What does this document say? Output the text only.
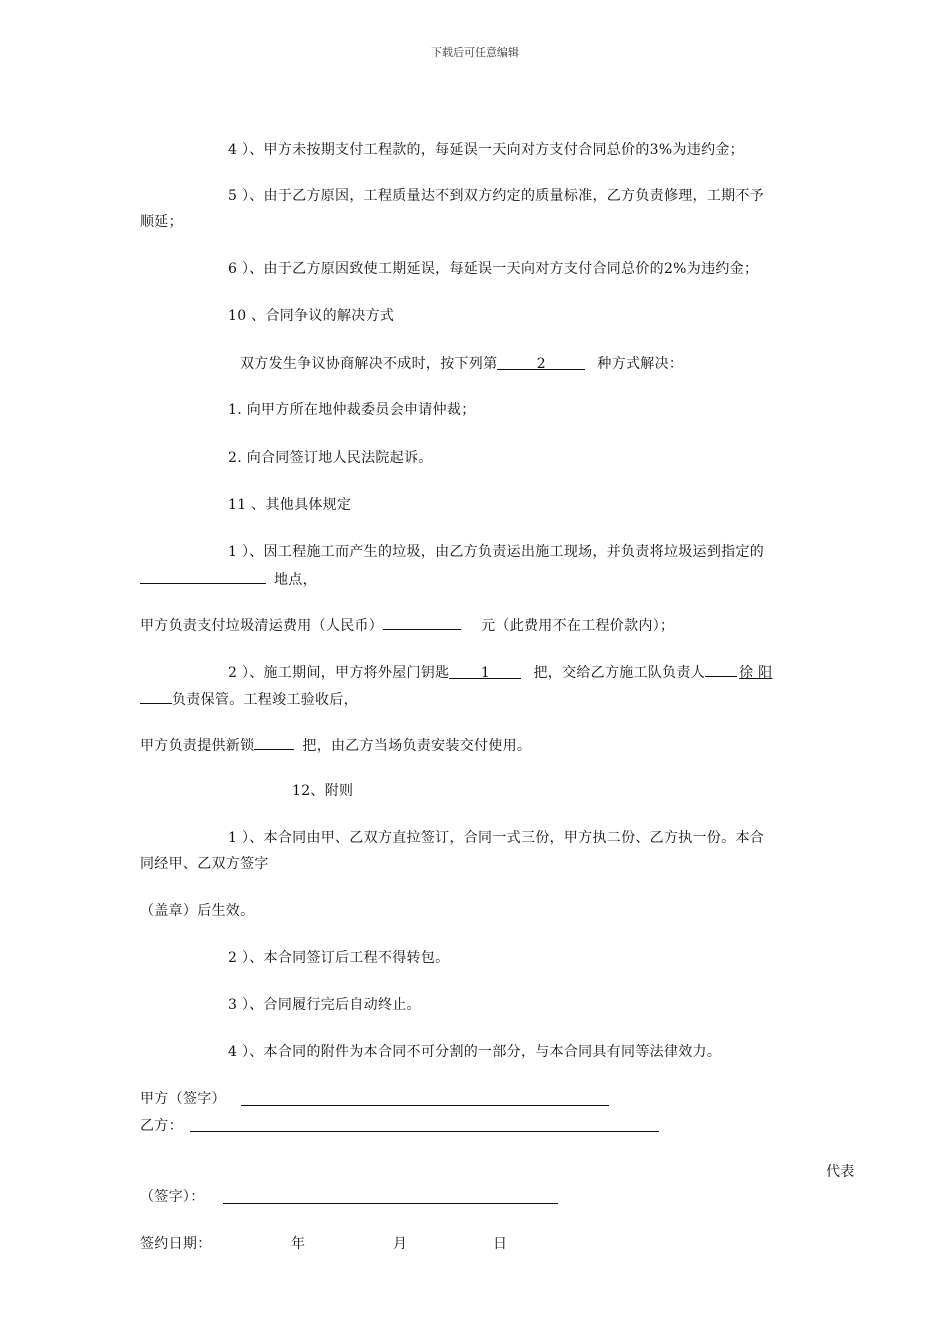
下载后可任意编辑
4 ）、甲方未按期支付工程款的，每延误一天向对方支付合同总价的3%为违约金；
5 ）、由于乙方原因，工程质量达不到双方约定的质量标准，乙方负责修理，工期不予
顺延；
6 ）、由于乙方原因致使工期延误，每延误一天向对方支付合同总价的2%为违约金；
10 、合同争议的解决方式
双方发生争议协商解决不成时，按下列第	2	种方式解决：
1. 向甲方所在地仲裁委员会申请仲裁；
2. 向合同签订地人民法院起诉。
11 、其他具体规定
1 ）、因工程施工而产生的垃圾，由乙方负责运出施工现场，并负责将垃圾运到指定的
地点，
甲方负责支付垃圾清运费用（人民币）	元（此费用不在工程价款内）；
2 ）、施工期间，甲方将外屋门钥匙 1	把，交给乙方施工队负责人 徐 阳
负责保管。工程竣工验收后，
甲方负责提供新锁	把，由乙方当场负责安装交付使用。
12、附则
1 ）、本合同由甲、乙双方直拉签订，合同一式三份，甲方执二份、乙方执一份。本合
同经甲、乙双方签字
（盖章）后生效。
2 ）、本合同签订后工程不得转包。
3 ）、合同履行完后自动终止。
4 ）、本合同的附件为本合同不可分割的一部分，与本合同具有同等法律效力。
甲方（签字）
乙方：
代表
（签字）：
签约日期：	年	月	日
